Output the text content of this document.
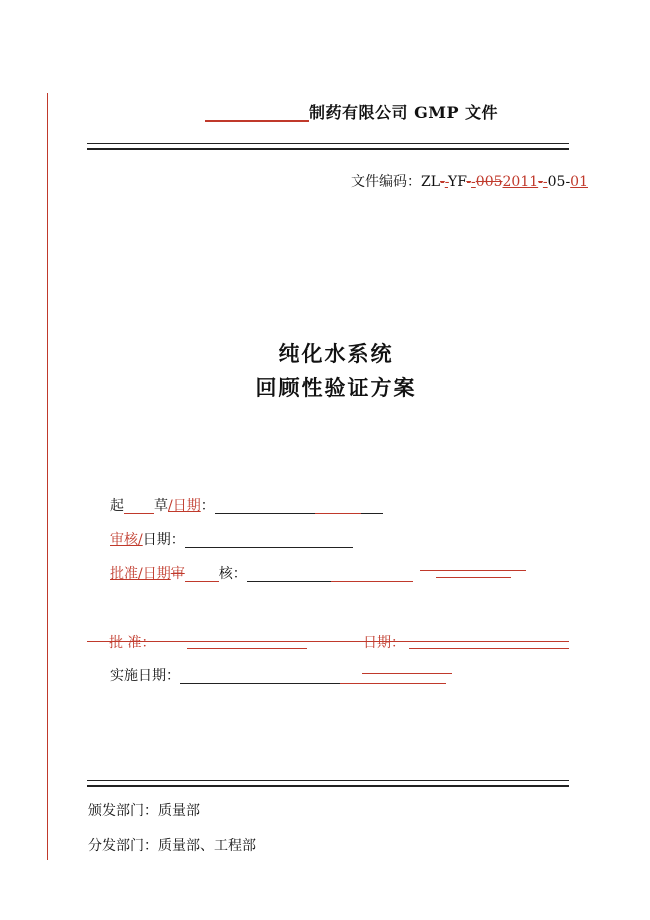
制药有限公司 GMP 文件
文件编码：ZL--YF--0052011--05-01
纯化水系统
回顾性验证方案
起 草/日期：
审核/日期：
批准/日期审 核：
批 准：	日期：
实施日期：
颁发部门：质量部
分发部门：质量部、工程部
